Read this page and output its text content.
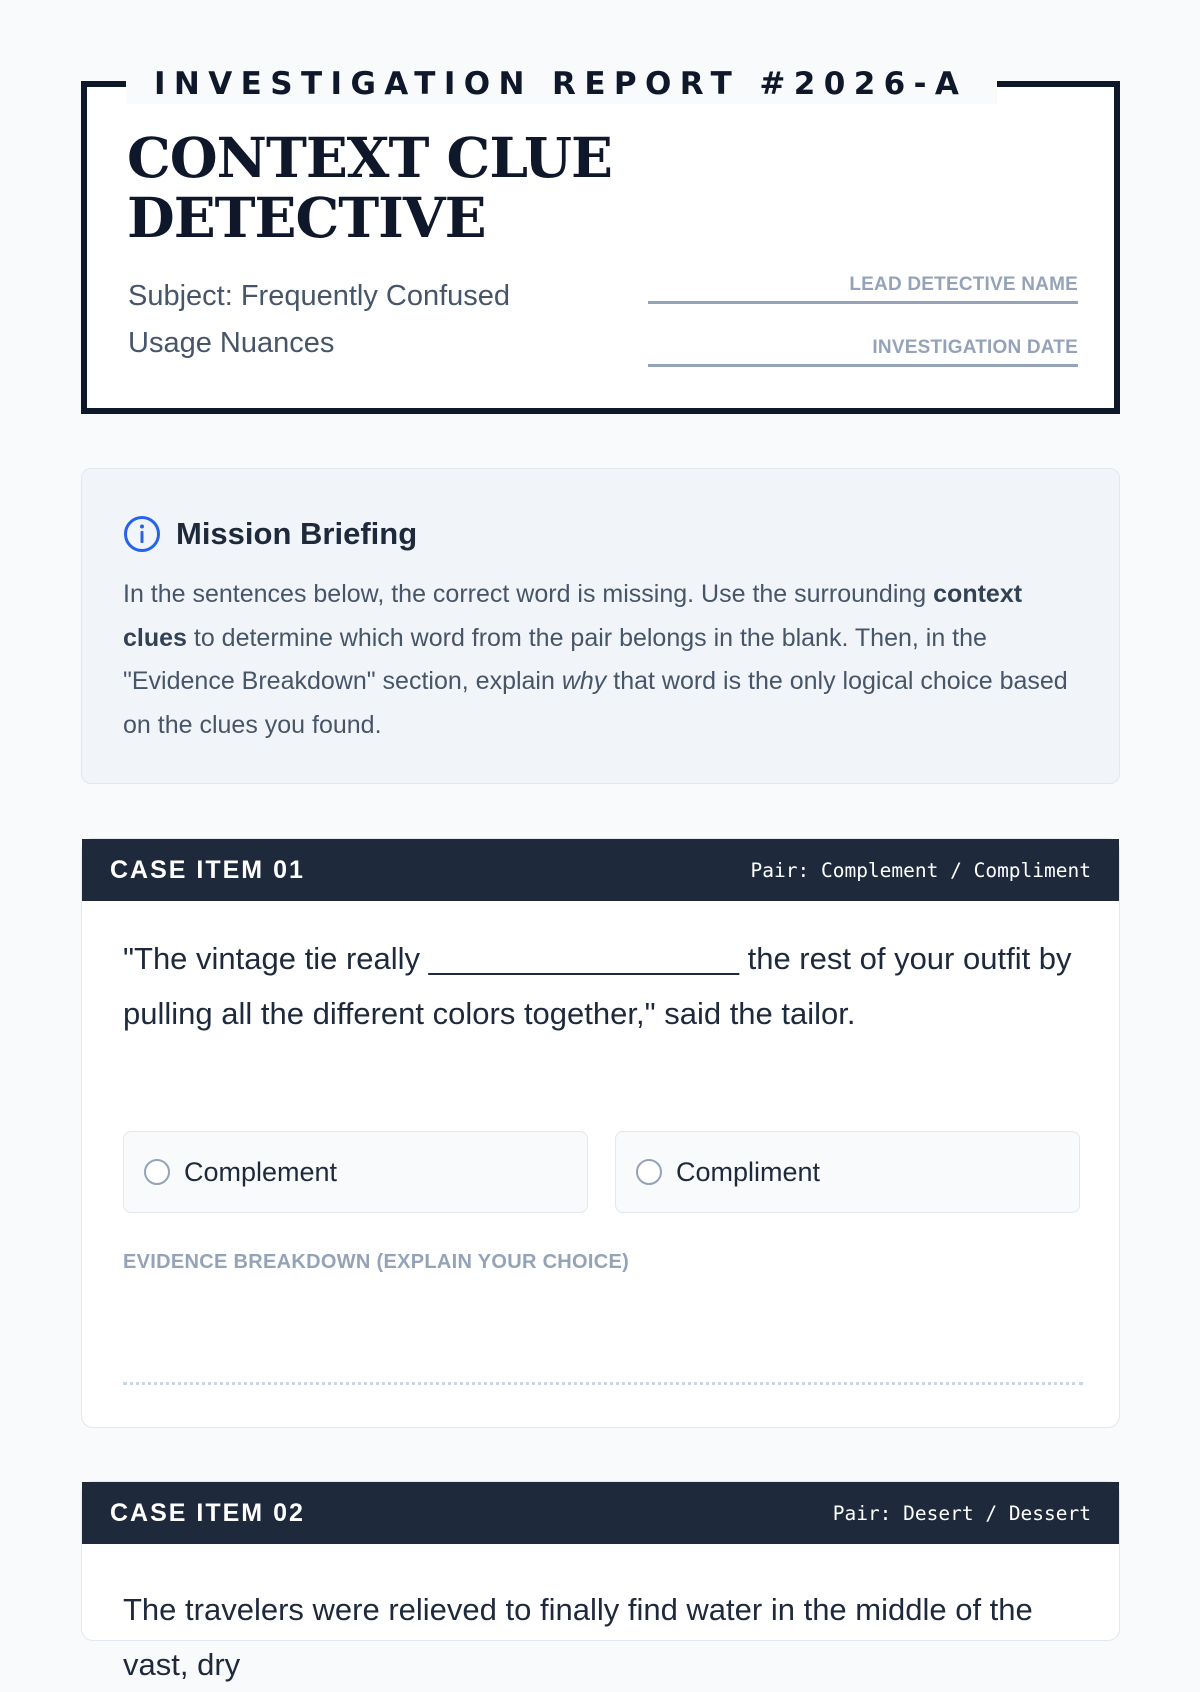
INVESTIGATION REPORT #2026-A
CONTEXT CLUE DETECTIVE
Subject: Frequently Confused Usage Nuances
LEAD DETECTIVE NAME
INVESTIGATION DATE
Mission Briefing

In the sentences below, the correct word is missing. Use the surrounding context clues to determine which word from the pair belongs in the blank. Then, in the "Evidence Breakdown" section, explain why that word is the only logical choice based on the clues you found.

CASE ITEM 01	Pair: Complement / Compliment

"The vintage tie really __________________ the rest of your outfit by pulling all the different colors together," said the tailor.

Complement	Compliment
EVIDENCE BREAKDOWN (EXPLAIN YOUR CHOICE)
CASE ITEM 02	Pair: Desert / Dessert

The travelers were relieved to finally find water in the middle of the vast, dry
